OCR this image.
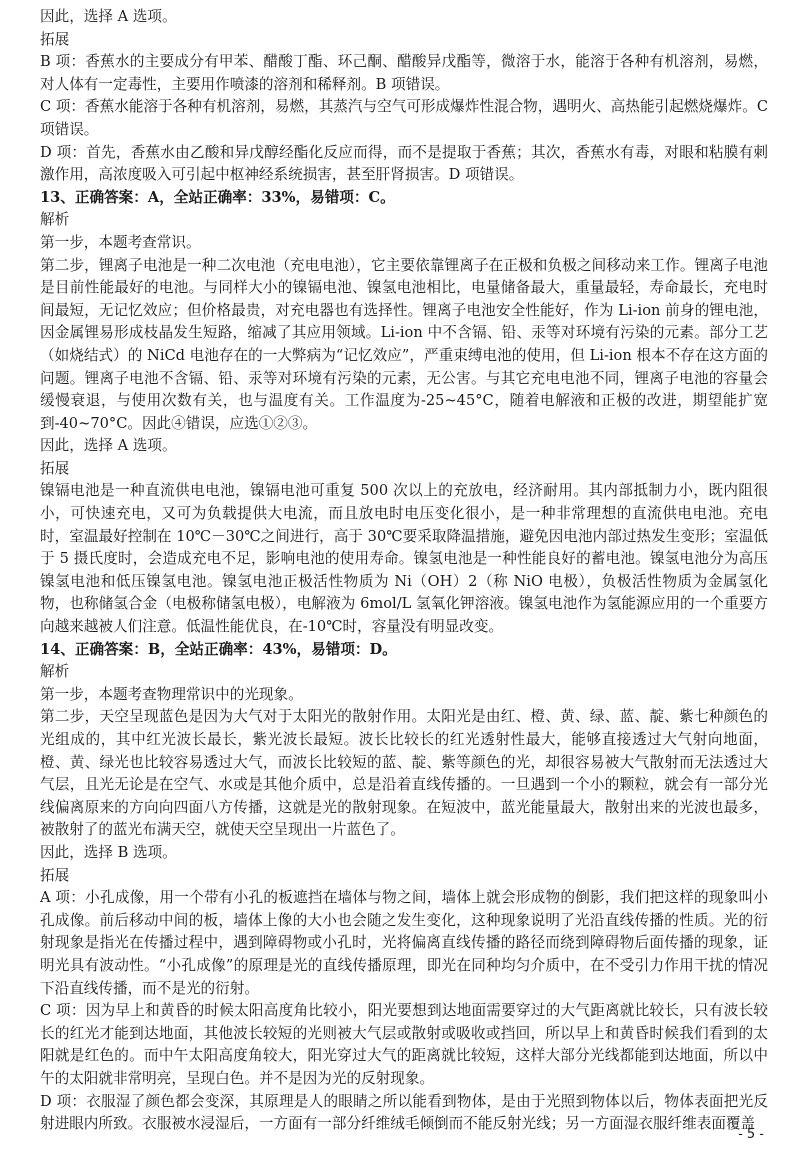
因此，选择 A 选项。

拓展

B 项：香蕉水的主要成分有甲苯、醋酸丁酯、环己酮、醋酸异戊酯等，微溶于水，能溶于各种有机溶剂，易燃，对人体有一定毒性，主要用作喷漆的溶剂和稀释剂。B 项错误。

C 项：香蕉水能溶于各种有机溶剂，易燃，其蒸汽与空气可形成爆炸性混合物，遇明火、高热能引起燃烧爆炸。C 项错误。

D 项：首先，香蕉水由乙酸和异戊醇经酯化反应而得，而不是提取于香蕉；其次，香蕉水有毒，对眼和粘膜有刺激作用，高浓度吸入可引起中枢神经系统损害，甚至肝肾损害。D 项错误。

13、正确答案：A，全站正确率：33%，易错项：C。

解析

第一步，本题考查常识。

第二步，锂离子电池是一种二次电池（充电电池），它主要依靠锂离子在正极和负极之间移动来工作。锂离子电池是目前性能最好的电池。与同样大小的镍镉电池、镍氢电池相比，电量储备最大，重量最轻，寿命最长，充电时间最短，无记忆效应；但价格最贵，对充电器也有选择性。锂离子电池安全性能好，作为 Li-ion 前身的锂电池，因金属锂易形成枝晶发生短路，缩减了其应用领域。Li-ion 中不含镉、铅、汞等对环境有污染的元素。部分工艺（如烧结式）的 NiCd 电池存在的一大弊病为“记忆效应”，严重束缚电池的使用，但 Li-ion 根本不存在这方面的问题。锂离子电池不含镉、铅、汞等对环境有污染的元素，无公害。与其它充电电池不同，锂离子电池的容量会缓慢衰退，与使用次数有关，也与温度有关。工作温度为-25~45°C，随着电解液和正极的改进，期望能扩宽到-40~70°C。因此④错误，应选①②③。

因此，选择 A 选项。

拓展

镍镉电池是一种直流供电电池，镍镉电池可重复 500 次以上的充放电，经济耐用。其内部抵制力小，既内阻很小，可快速充电，又可为负载提供大电流，而且放电时电压变化很小，是一种非常理想的直流供电电池。充电时，室温最好控制在 10℃－30℃之间进行，高于 30℃要采取降温措施，避免因电池内部过热发生变形；室温低于 5 摄氏度时，会造成充电不足，影响电池的使用寿命。镍氢电池是一种性能良好的蓄电池。镍氢电池分为高压镍氢电池和低压镍氢电池。镍氢电池正极活性物质为 Ni（OH）2（称 NiO 电极），负极活性物质为金属氢化物，也称储氢合金（电极称储氢电极），电解液为 6mol/L 氢氧化钾溶液。镍氢电池作为氢能源应用的一个重要方向越来越被人们注意。低温性能优良，在-10℃时，容量没有明显改变。

14、正确答案：B，全站正确率：43%，易错项：D。

解析

第一步，本题考查物理常识中的光现象。

第二步，天空呈现蓝色是因为大气对于太阳光的散射作用。太阳光是由红、橙、黄、绿、蓝、靛、紫七种颜色的光组成的，其中红光波长最长，紫光波长最短。波长比较长的红光透射性最大，能够直接透过大气射向地面，橙、黄、绿光也比较容易透过大气，而波长比较短的蓝、靛、紫等颜色的光，却很容易被大气散射而无法透过大气层，且光无论是在空气、水或是其他介质中，总是沿着直线传播的。一旦遇到一个小的颗粒，就会有一部分光线偏离原来的方向向四面八方传播，这就是光的散射现象。在短波中，蓝光能量最大，散射出来的光波也最多，被散射了的蓝光布满天空，就使天空呈现出一片蓝色了。

因此，选择 B 选项。

拓展

A 项：小孔成像，用一个带有小孔的板遮挡在墙体与物之间，墙体上就会形成物的倒影，我们把这样的现象叫小孔成像。前后移动中间的板，墙体上像的大小也会随之发生变化，这种现象说明了光沿直线传播的性质。光的衍射现象是指光在传播过程中，遇到障碍物或小孔时，光将偏离直线传播的路径而绕到障碍物后面传播的现象，证明光具有波动性。“小孔成像”的原理是光的直线传播原理，即光在同种均匀介质中，在不受引力作用干扰的情况下沿直线传播，而不是光的衍射。

C 项：因为早上和黄昏的时候太阳高度角比较小，阳光要想到达地面需要穿过的大气距离就比较长，只有波长较长的红光才能到达地面，其他波长较短的光则被大气层或散射或吸收或挡回，所以早上和黄昏时候我们看到的太阳就是红色的。而中午太阳高度角较大，阳光穿过大气的距离就比较短，这样大部分光线都能到达地面，所以中午的太阳就非常明亮，呈现白色。并不是因为光的反射现象。

D 项：衣服湿了颜色都会变深，其原理是人的眼睛之所以能看到物体，是由于光照到物体以后，物体表面把光反射进眼内所致。衣服被水浸湿后，一方面有一部分纤维绒毛倾倒而不能反射光线；另一方面湿衣服纤维表面覆盖

- 5 -
